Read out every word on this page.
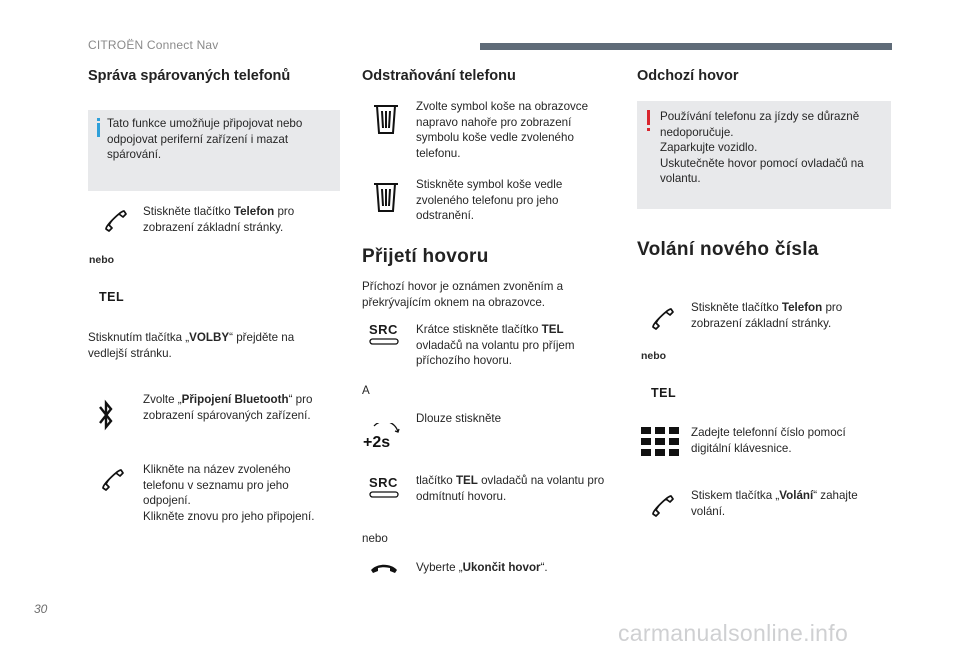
CITROËN Connect Nav
Správa spárovaných telefonů
Tato funkce umožňuje připojovat nebo
odpojovat periferní zařízení i mazat
spárování.
Stiskněte tlačítko Telefon pro
zobrazení základní stránky.
nebo
TEL
Stisknutím tlačítka „VOLBY“ přejděte na
vedlejší stránku.
Zvolte „Připojení Bluetooth“ pro
zobrazení spárovaných zařízení.
Klikněte na název zvoleného
telefonu v seznamu pro jeho
odpojení.
Klikněte znovu pro jeho připojení.
Odstraňování telefonu
Zvolte symbol koše na obrazovce
napravo nahoře pro zobrazení
symbolu koše vedle zvoleného
telefonu.
Stiskněte symbol koše vedle
zvoleného telefonu pro jeho
odstranění.
Přijetí hovoru
Příchozí hovor je oznámen zvoněním a
překrývajícím oknem na obrazovce.
SRC Krátce stiskněte tlačítko TEL
ovladačů na volantu pro příjem
příchozího hovoru.
A
+2s
Dlouze stiskněte
SRC tlačítko TEL ovladačů na volantu pro
odmítnutí hovoru.
nebo
Vyberte „Ukončit hovor“.
Odchozí hovor
Používání telefonu za jízdy se důrazně
nedoporučuje.
Zaparkujte vozidlo.
Uskutečněte hovor pomocí ovladačů na
volantu.
Volání nového čísla
Stiskněte tlačítko Telefon pro
zobrazení základní stránky.
nebo
TEL
Zadejte telefonní číslo pomocí
digitální klávesnice.
Stiskem tlačítka „Volání“ zahajte
volání.
30
carmanualsonline.info
